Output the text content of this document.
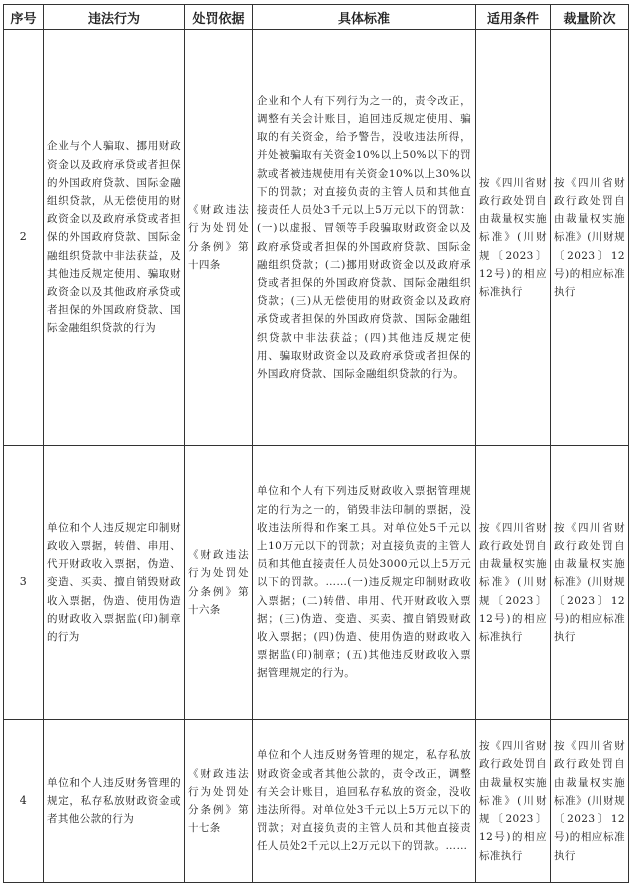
序号	违法行为	处罚依据	具体标准	适用条件	裁量阶次
2	企业与个人骗取、挪用财政资金以及政府承贷或者担保的外国政府贷款、国际金融组织贷款，从无偿使用的财政资金以及政府承贷或者担保的外国政府贷款、国际金融组织贷款中非法获益，及其他违反规定使用、骗取财政资金以及其他政府承贷或者担保的外国政府贷款、国际金融组织贷款的行为	《财政违法行为处罚处分条例》第十四条	企业和个人有下列行为之一的，责令改正，调整有关会计账目，追回违反规定使用、骗取的有关资金，给予警告，没收违法所得，并处被骗取有关资金10%以上50%以下的罚款或者被违规使用有关资金10%以上30%以下的罚款；对直接负责的主管人员和其他直接责任人员处3千元以上5万元以下的罚款：(一)以虚报、冒领等手段骗取财政资金以及政府承贷或者担保的外国政府贷款、国际金融组织贷款；(二)挪用财政资金以及政府承贷或者担保的外国政府贷款、国际金融组织贷款；(三)从无偿使用的财政资金以及政府承贷或者担保的外国政府贷款、国际金融组织贷款中非法获益；(四)其他违反规定使用、骗取财政资金以及政府承贷或者担保的外国政府贷款、国际金融组织贷款的行为。	按《四川省财政行政处罚自由裁量权实施标准》(川财规〔2023〕12号)的相应标准执行	按《四川省财政行政处罚自由裁量权实施标准》(川财规〔2023〕12号)的相应标准执行
3	单位和个人违反规定印制财政收入票据，转借、串用、代开财政收入票据，伪造、变造、买卖、擅自销毁财政收入票据，伪造、使用伪造的财政收入票据监(印)制章的行为	《财政违法行为处罚处分条例》第十六条	单位和个人有下列违反财政收入票据管理规定的行为之一的，销毁非法印制的票据，没收违法所得和作案工具。对单位处5千元以上10万元以下的罚款；对直接负责的主管人员和其他直接责任人员处3000元以上5万元以下的罚款。……(一)违反规定印制财政收入票据；(二)转借、串用、代开财政收入票据；(三)伪造、变造、买卖、擅自销毁财政收入票据；(四)伪造、使用伪造的财政收入票据监(印)制章；(五)其他违反财政收入票据管理规定的行为。	按《四川省财政行政处罚自由裁量权实施标准》(川财规〔2023〕12号)的相应标准执行	按《四川省财政行政处罚自由裁量权实施标准》(川财规〔2023〕12号)的相应标准执行
4	单位和个人违反财务管理的规定，私存私放财政资金或者其他公款的行为	《财政违法行为处罚处分条例》第十七条	单位和个人违反财务管理的规定，私存私放财政资金或者其他公款的，责令改正，调整有关会计账目，追回私存私放的资金，没收违法所得。对单位处3千元以上5万元以下的罚款；对直接负责的主管人员和其他直接责任人员处2千元以上2万元以下的罚款。……	按《四川省财政行政处罚自由裁量权实施标准》(川财规〔2023〕12号)的相应标准执行	按《四川省财政行政处罚自由裁量权实施标准》(川财规〔2023〕12号)的相应标准执行
